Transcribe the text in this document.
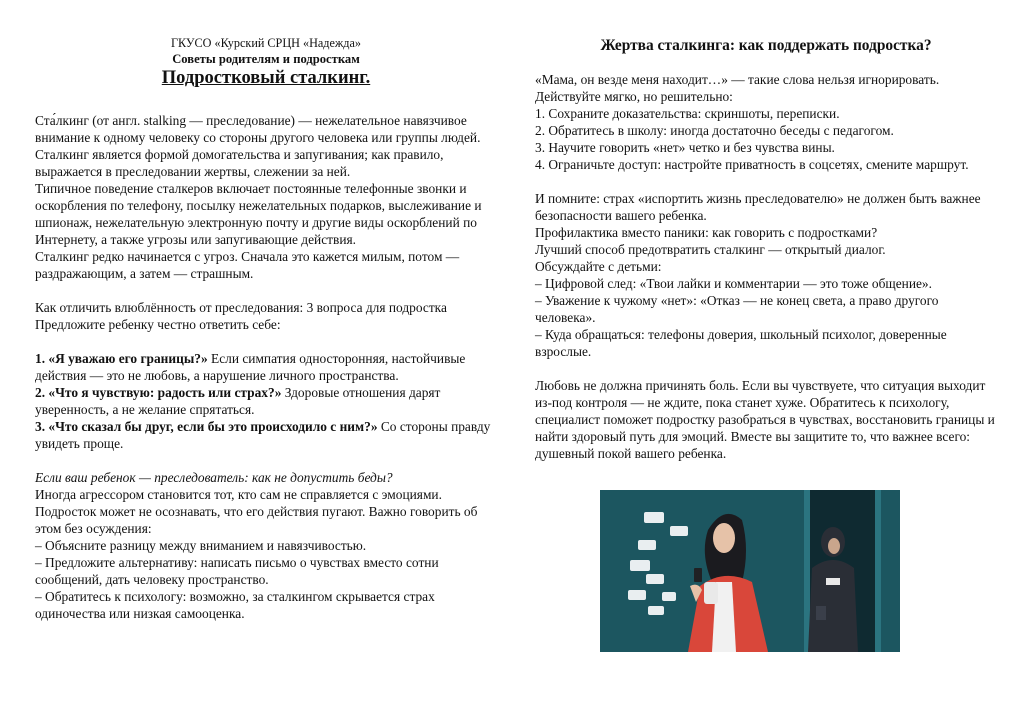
ГКУСО «Курский СРЦН «Надежда»

Советы родителям и подросткам

Подростковый сталкинг.

Ста́лкинг (от англ. stalking — преследование) — нежелательное навязчивое внимание к одному человеку со стороны другого человека или группы людей. Сталкинг является формой домогательства и запугивания; как правило, выражается в преследовании жертвы, слежении за ней.

Типичное поведение сталкеров включает постоянные телефонные звонки и оскорбления по телефону, посылку нежелательных подарков, выслеживание и шпионаж, нежелательную электронную почту и другие виды оскорблений по Интернету, а также угрозы или запугивающие действия.

Сталкинг редко начинается с угроз. Сначала это кажется милым, потом — раздражающим, а затем — страшным.

Как отличить влюблённость от преследования: 3 вопроса для подростка

Предложите ребенку честно ответить себе:

1. «Я уважаю его границы?» Если симпатия односторонняя, настойчивые действия — это не любовь, а нарушение личного пространства.

2. «Что я чувствую: радость или страх?» Здоровые отношения дарят уверенность, а не желание спрятаться.

3. «Что сказал бы друг, если бы это происходило с ним?» Со стороны правду увидеть проще.

Если ваш ребенок — преследователь: как не допустить беды?

Иногда агрессором становится тот, кто сам не справляется с эмоциями. Подросток может не осознавать, что его действия пугают. Важно говорить об этом без осуждения:

– Объясните разницу между вниманием и навязчивостью.

– Предложите альтернативу: написать письмо о чувствах вместо сотни сообщений, дать человеку пространство.

– Обратитесь к психологу: возможно, за сталкингом скрывается страх одиночества или низкая самооценка.

Жертва сталкинга: как поддержать подростка?

«Мама, он везде меня находит…» — такие слова нельзя игнорировать. Действуйте мягко, но решительно:

1. Сохраните доказательства: скриншоты, переписки.

2. Обратитесь в школу: иногда достаточно беседы с педагогом.

3. Научите говорить «нет» четко и без чувства вины.

4. Ограничьте доступ: настройте приватность в соцсетях, смените маршрут.

И помните: страх «испортить жизнь преследователю» не должен быть важнее безопасности вашего ребенка.

Профилактика вместо паники: как говорить с подростками?

Лучший способ предотвратить сталкинг — открытый диалог.

Обсуждайте с детьми:

– Цифровой след: «Твои лайки и комментарии — это тоже общение».

– Уважение к чужому «нет»: «Отказ — не конец света, а право другого человека».

– Куда обращаться: телефоны доверия, школьный психолог, доверенные взрослые.

Любовь не должна причинять боль. Если вы чувствуете, что ситуация выходит из-под контроля — не ждите, пока станет хуже. Обратитесь к психологу, специалист поможет подростку разобраться в чувствах, восстановить границы и найти здоровый путь для эмоций. Вместе вы защитите то, что важнее всего: душевный покой вашего ребенка.
